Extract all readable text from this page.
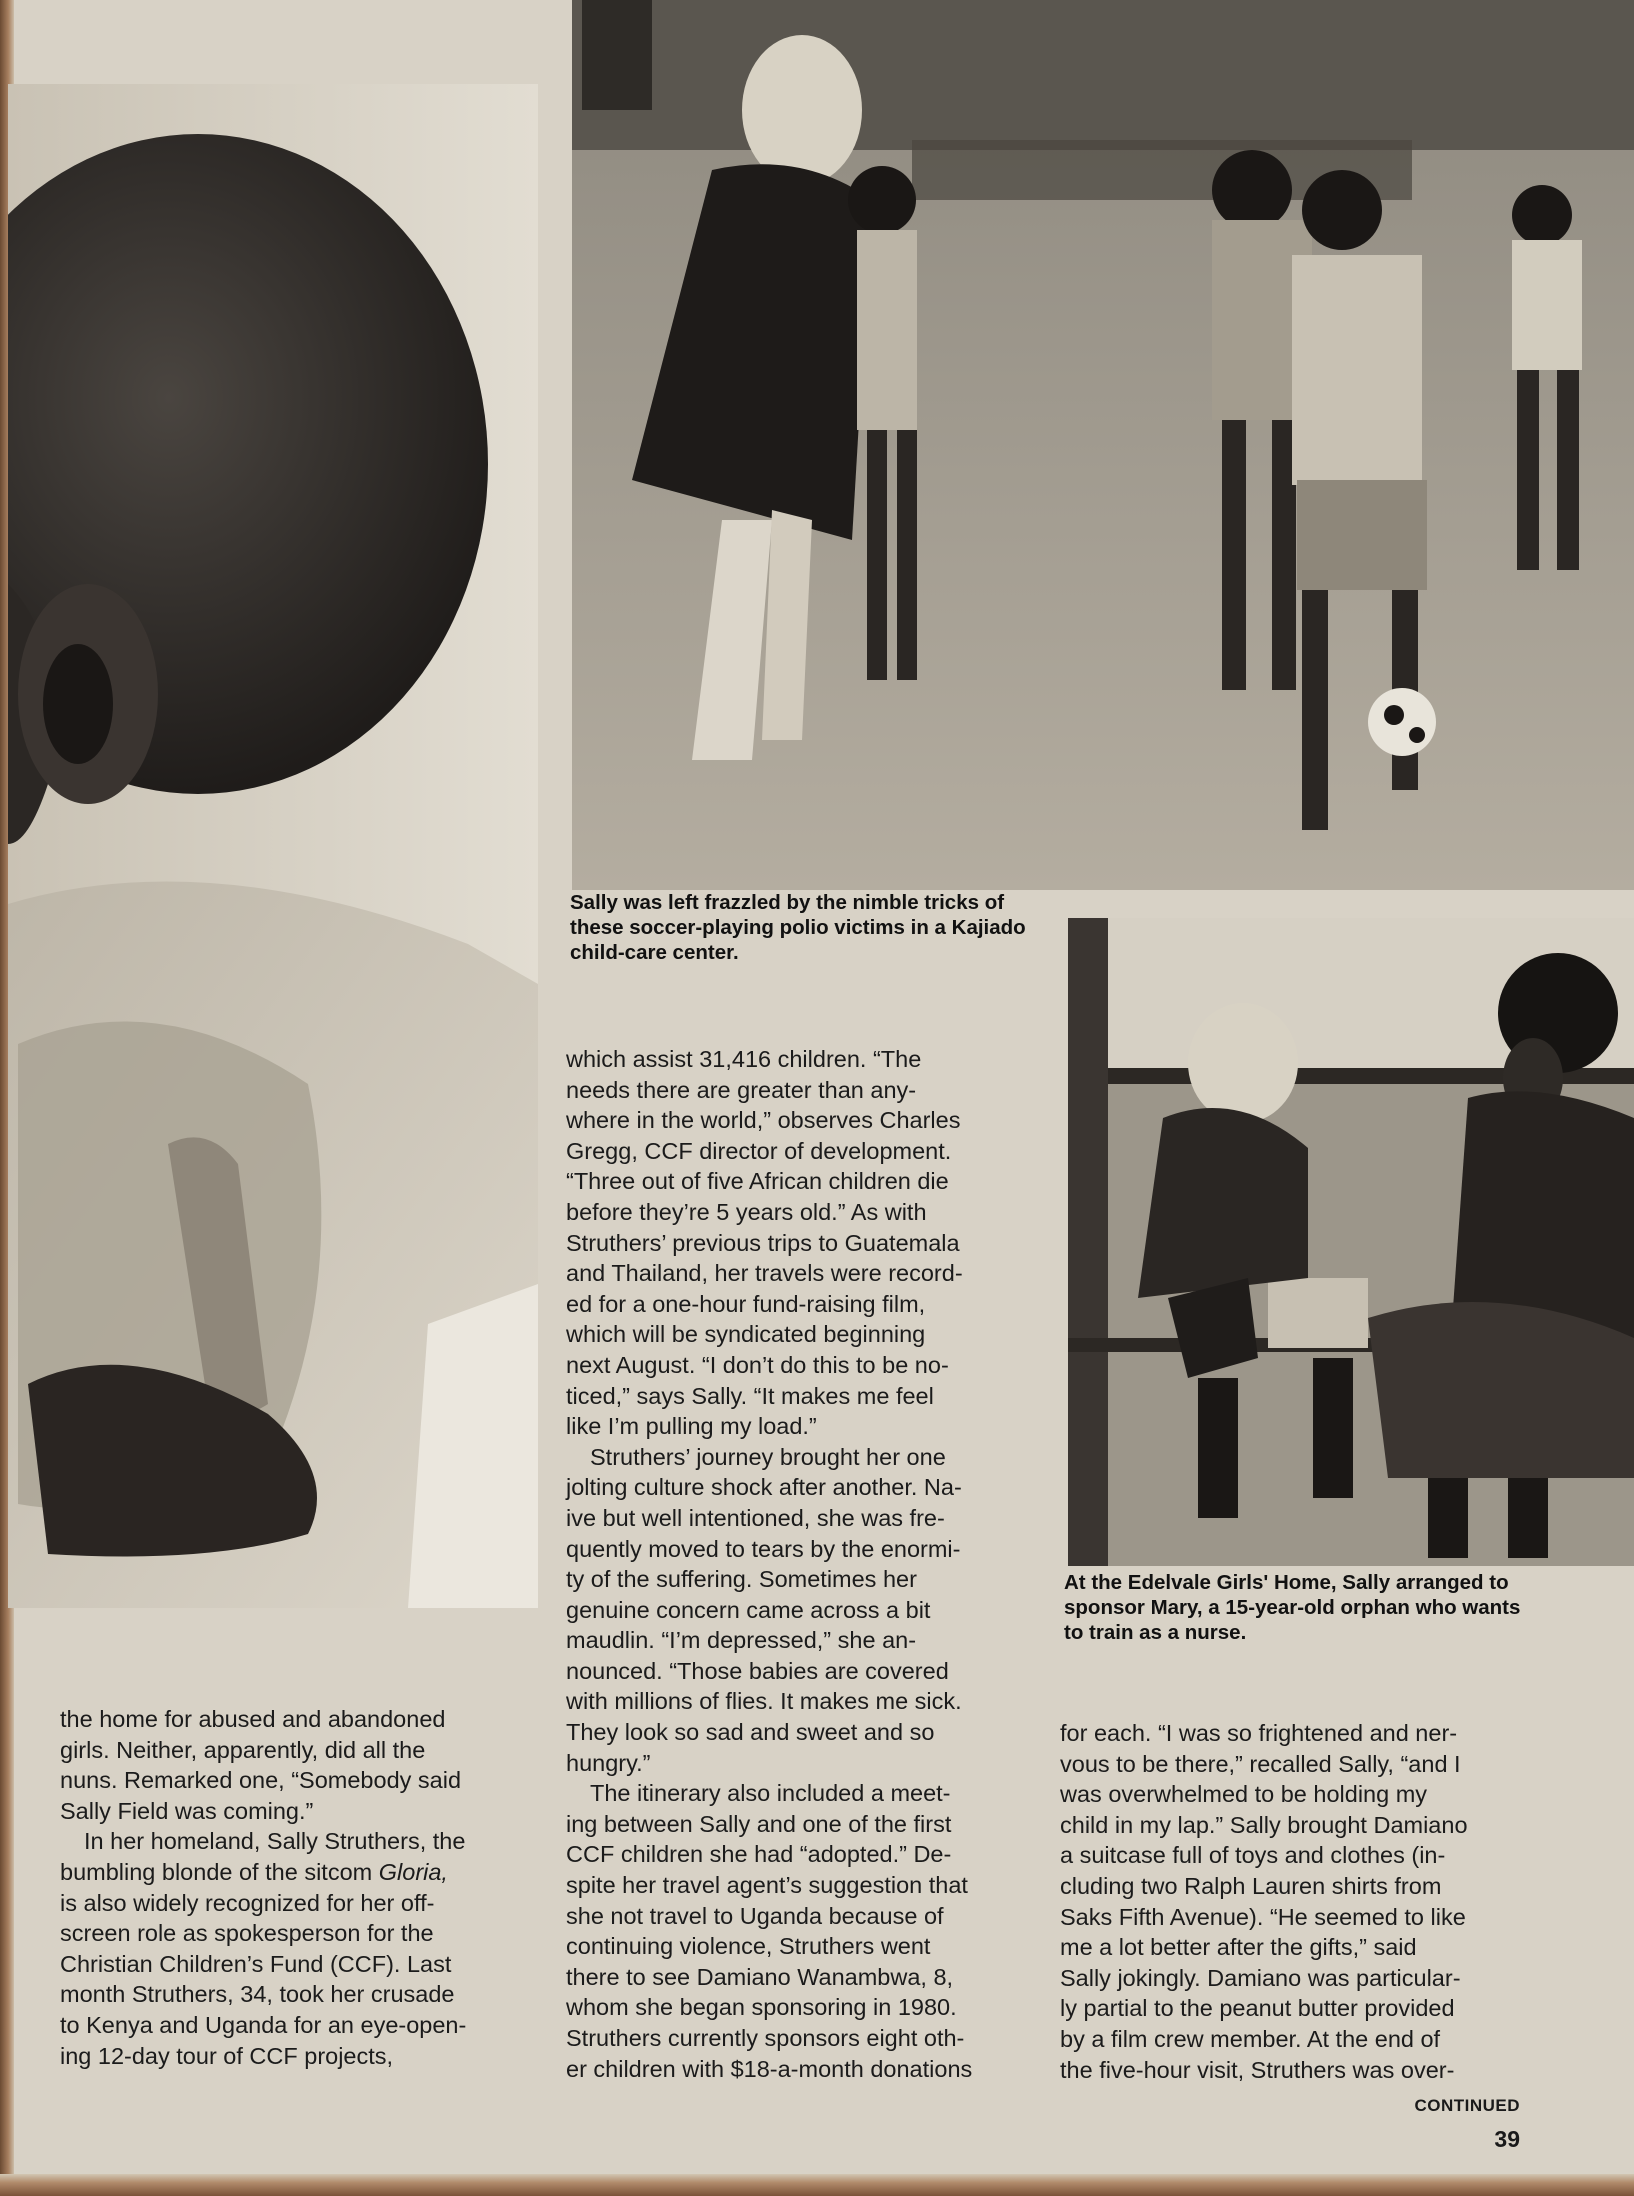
Sally was left frazzled by the nimble tricks of these soccer-playing polio victims in a Kajiado child-care center.
At the Edelvale Girls' Home, Sally arranged to sponsor Mary, a 15-year-old orphan who wants to train as a nurse.

the home for abused and abandoned
girls. Neither, apparently, did all the
nuns. Remarked one, “Somebody said
Sally Field was coming.”

In her homeland, Sally Struthers, the
bumbling blonde of the sitcom Gloria,
is also widely recognized for her off-
screen role as spokesperson for the
Christian Children’s Fund (CCF). Last
month Struthers, 34, took her crusade
to Kenya and Uganda for an eye-open-
ing 12-day tour of CCF projects,

which assist 31,416 children. “The
needs there are greater than any-
where in the world,” observes Charles
Gregg, CCF director of development.
“Three out of five African children die
before they’re 5 years old.” As with
Struthers’ previous trips to Guatemala
and Thailand, her travels were record-
ed for a one-hour fund-raising film,
which will be syndicated beginning
next August. “I don’t do this to be no-
ticed,” says Sally. “It makes me feel
like I’m pulling my load.”

Struthers’ journey brought her one
jolting culture shock after another. Na-
ive but well intentioned, she was fre-
quently moved to tears by the enormi-
ty of the suffering. Sometimes her
genuine concern came across a bit
maudlin. “I’m depressed,” she an-
nounced. “Those babies are covered
with millions of flies. It makes me sick.
They look so sad and sweet and so
hungry.”

The itinerary also included a meet-
ing between Sally and one of the first
CCF children she had “adopted.” De-
spite her travel agent’s suggestion that
she not travel to Uganda because of
continuing violence, Struthers went
there to see Damiano Wanambwa, 8,
whom she began sponsoring in 1980.
Struthers currently sponsors eight oth-
er children with $18-a-month donations

for each. “I was so frightened and ner-
vous to be there,” recalled Sally, “and I
was overwhelmed to be holding my
child in my lap.” Sally brought Damiano
a suitcase full of toys and clothes (in-
cluding two Ralph Lauren shirts from
Saks Fifth Avenue). “He seemed to like
me a lot better after the gifts,” said
Sally jokingly. Damiano was particular-
ly partial to the peanut butter provided
by a film crew member. At the end of
the five-hour visit, Struthers was over-

CONTINUED
39
